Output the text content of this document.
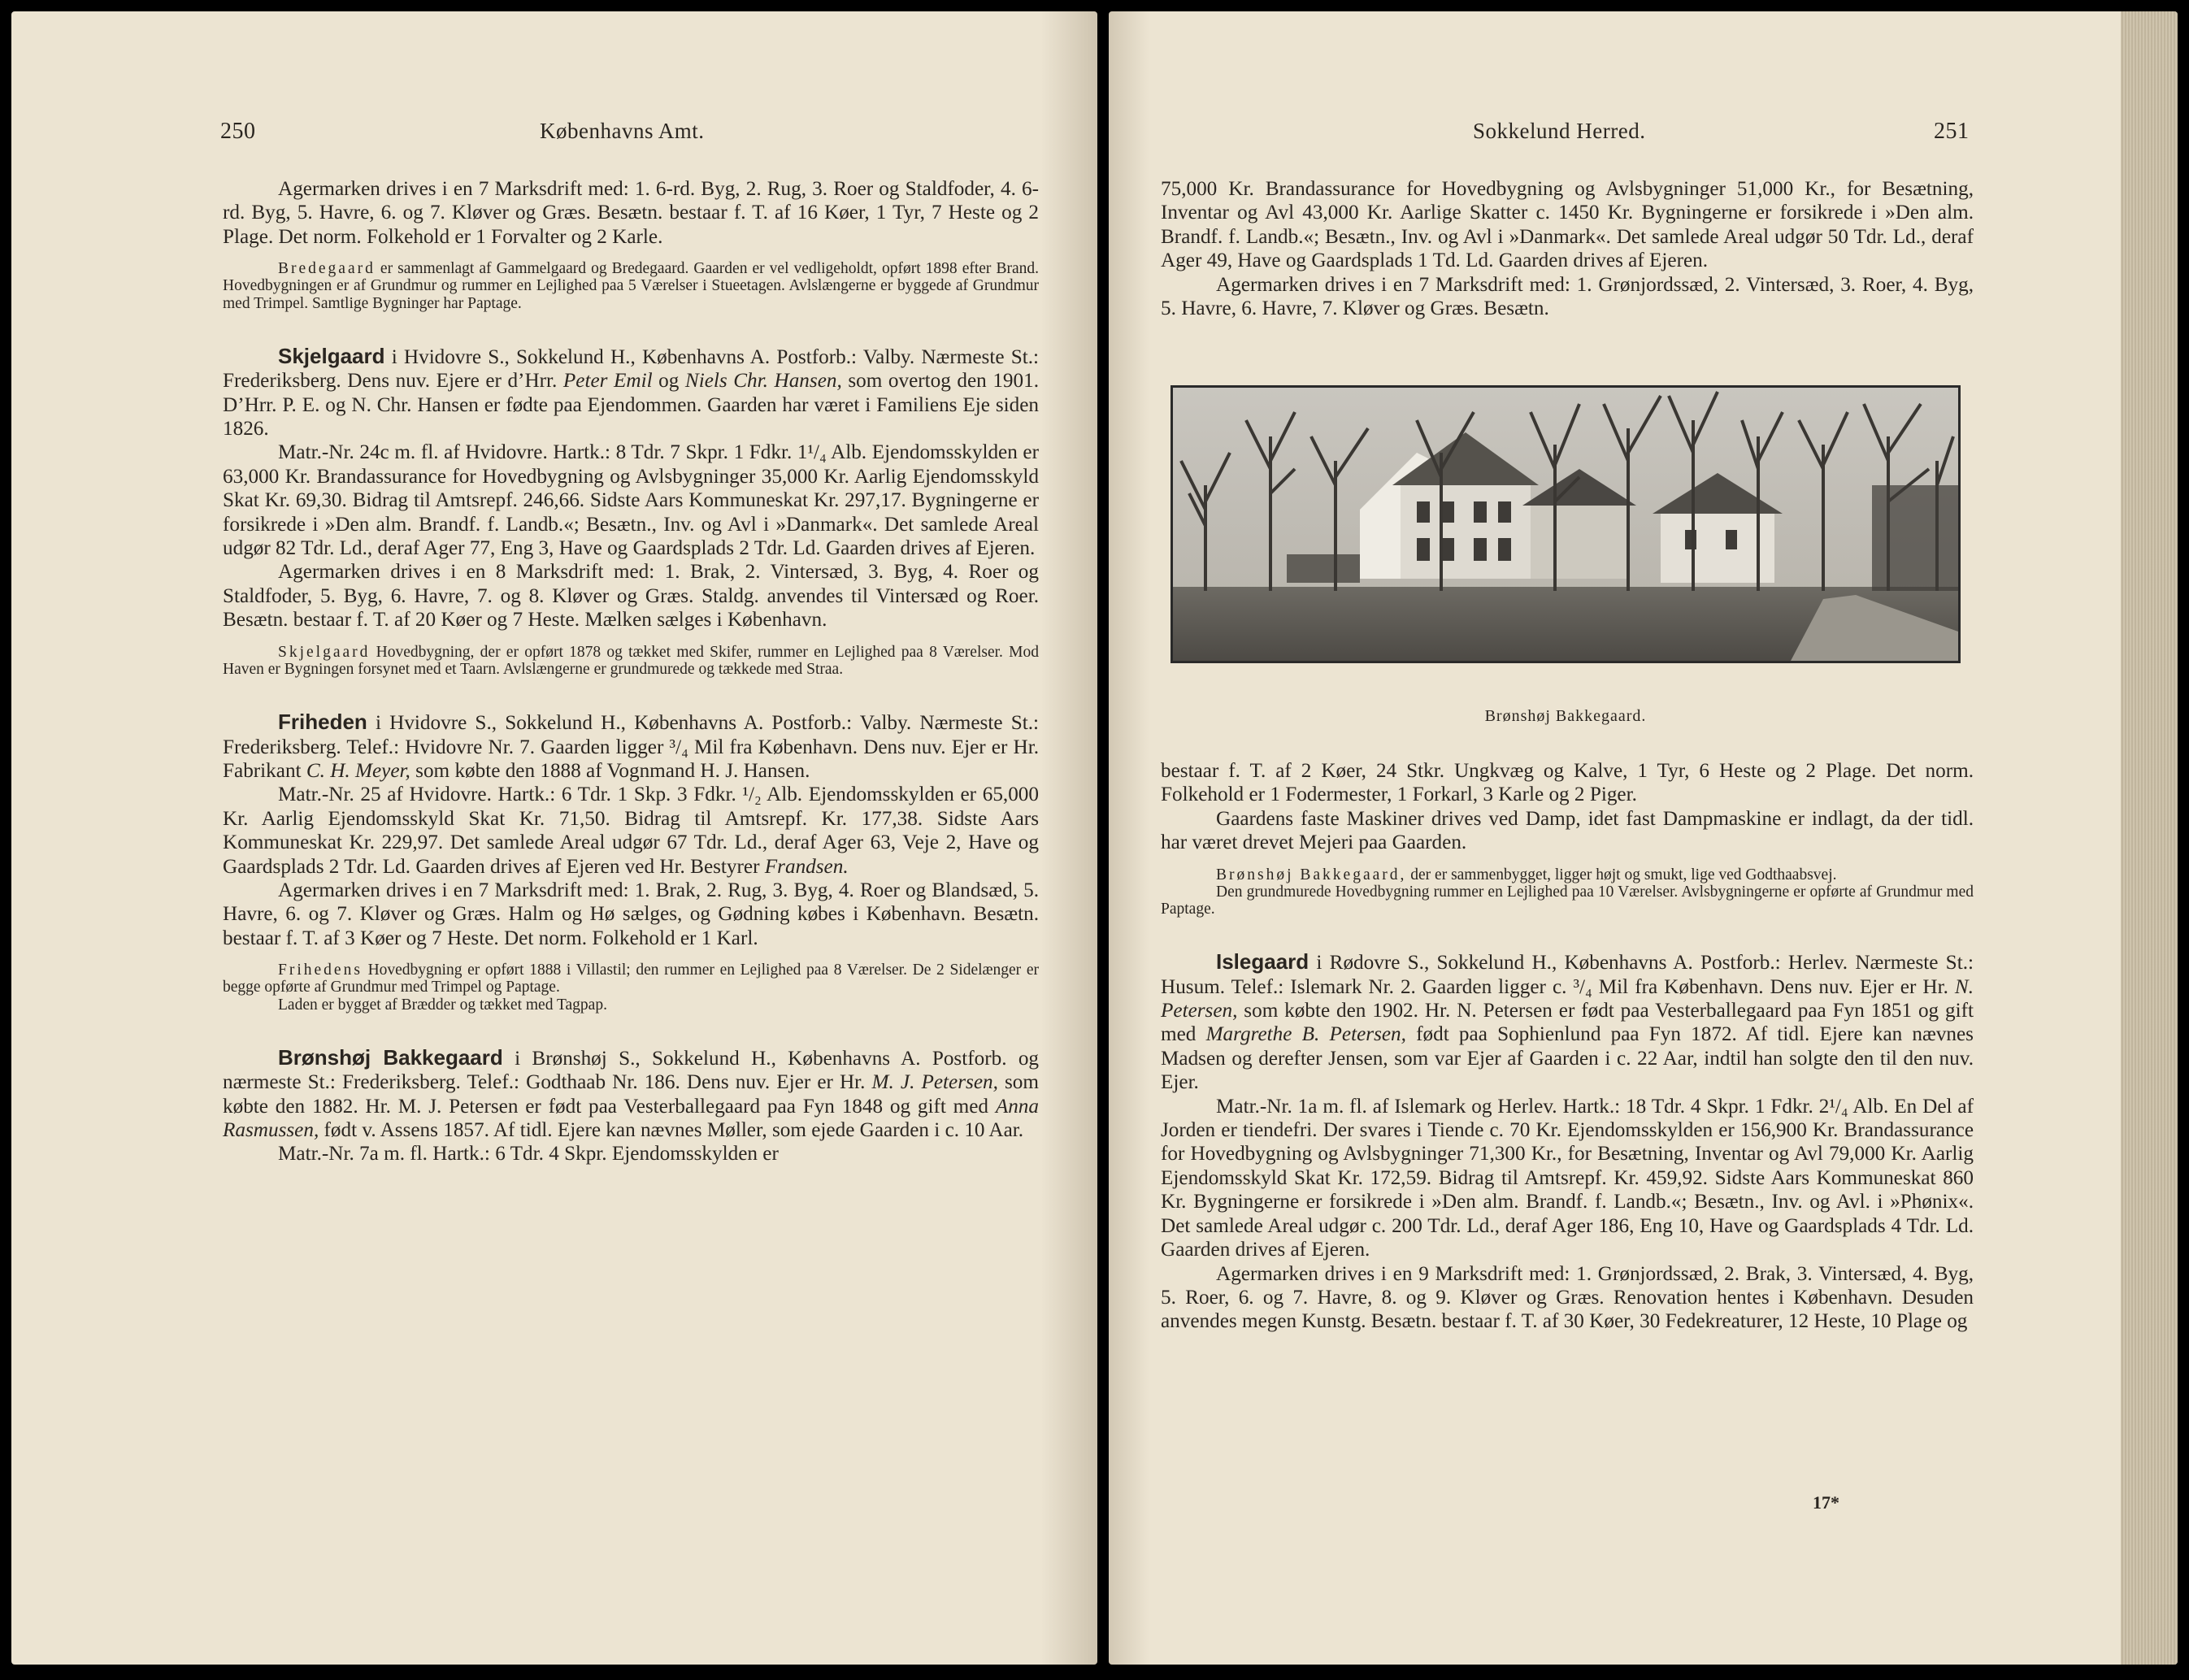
250	Københavns Amt.

Agermarken drives i en 7 Marksdrift med: 1. 6-rd. Byg, 2. Rug, 3. Roer og Staldfoder, 4. 6-rd. Byg, 5. Havre, 6. og 7. Kløver og Græs. Besætn. bestaar f. T. af 16 Køer, 1 Tyr, 7 Heste og 2 Plage. Det norm. Folkehold er 1 Forvalter og 2 Karle.

Bredegaard er sammenlagt af Gammelgaard og Bredegaard. Gaarden er vel vedligeholdt, opført 1898 efter Brand. Hovedbygningen er af Grundmur og rummer en Lejlighed paa 5 Værelser i Stueetagen. Avlslængerne er byggede af Grundmur med Trimpel. Samtlige Bygninger har Paptage.

Skjelgaard i Hvidovre S., Sokkelund H., Københavns A. Postforb.: Valby. Nærmeste St.: Frederiksberg. Dens nuv. Ejere er d’Hrr. Peter Emil og Niels Chr. Hansen, som overtog den 1901. D’Hrr. P. E. og N. Chr. Hansen er fødte paa Ejendommen. Gaarden har været i Familiens Eje siden 1826.

Matr.-Nr. 24c m. fl. af Hvidovre. Hartk.: 8 Tdr. 7 Skpr. 1 Fdkr. 1¹/₄ Alb. Ejendomsskylden er 63,000 Kr. Brandassurance for Hovedbygning og Avlsbygninger 35,000 Kr. Aarlig Ejendomsskyld Skat Kr. 69,30. Bidrag til Amtsrepf. 246,66. Sidste Aars Kommuneskat Kr. 297,17. Bygningerne er forsikrede i »Den alm. Brandf. f. Landb.«; Besætn., Inv. og Avl i »Danmark«. Det samlede Areal udgør 82 Tdr. Ld., deraf Ager 77, Eng 3, Have og Gaardsplads 2 Tdr. Ld. Gaarden drives af Ejeren.

Agermarken drives i en 8 Marksdrift med: 1. Brak, 2. Vintersæd, 3. Byg, 4. Roer og Staldfoder, 5. Byg, 6. Havre, 7. og 8. Kløver og Græs. Staldg. anvendes til Vintersæd og Roer. Besætn. bestaar f. T. af 20 Køer og 7 Heste. Mælken sælges i København.

Skjelgaard Hovedbygning, der er opført 1878 og tækket med Skifer, rummer en Lejlighed paa 8 Værelser. Mod Haven er Bygningen forsynet med et Taarn. Avlslængerne er grundmurede og tækkede med Straa.

Friheden i Hvidovre S., Sokkelund H., Københavns A. Postforb.: Valby. Nærmeste St.: Frederiksberg. Telef.: Hvidovre Nr. 7. Gaarden ligger ³/₄ Mil fra København. Dens nuv. Ejer er Hr. Fabrikant C. H. Meyer, som købte den 1888 af Vognmand H. J. Hansen.

Matr.-Nr. 25 af Hvidovre. Hartk.: 6 Tdr. 1 Skp. 3 Fdkr. ¹/₂ Alb. Ejendomsskylden er 65,000 Kr. Aarlig Ejendomsskyld Skat Kr. 71,50. Bidrag til Amtsrepf. Kr. 177,38. Sidste Aars Kommuneskat Kr. 229,97. Det samlede Areal udgør 67 Tdr. Ld., deraf Ager 63, Veje 2, Have og Gaardsplads 2 Tdr. Ld. Gaarden drives af Ejeren ved Hr. Bestyrer Frandsen.

Agermarken drives i en 7 Marksdrift med: 1. Brak, 2. Rug, 3. Byg, 4. Roer og Blandsæd, 5. Havre, 6. og 7. Kløver og Græs. Halm og Hø sælges, og Gødning købes i København. Besætn. bestaar f. T. af 3 Køer og 7 Heste. Det norm. Folkehold er 1 Karl.

Frihedens Hovedbygning er opført 1888 i Villastil; den rummer en Lejlighed paa 8 Værelser. De 2 Sidelænger er begge opførte af Grundmur med Trimpel og Paptage.

Laden er bygget af Brædder og tækket med Tagpap.

Brønshøj Bakkegaard i Brønshøj S., Sokkelund H., Københavns A. Postforb. og nærmeste St.: Frederiksberg. Telef.: Godthaab Nr. 186. Dens nuv. Ejer er Hr. M. J. Petersen, som købte den 1882. Hr. M. J. Petersen er født paa Vesterballegaard paa Fyn 1848 og gift med Anna Rasmussen, født v. Assens 1857. Af tidl. Ejere kan nævnes Møller, som ejede Gaarden i c. 10 Aar.

Matr.-Nr. 7a m. fl. Hartk.: 6 Tdr. 4 Skpr. Ejendomsskylden er

Sokkelund Herred.	251

75,000 Kr. Brandassurance for Hovedbygning og Avlsbygninger 51,000 Kr., for Besætning, Inventar og Avl 43,000 Kr. Aarlige Skatter c. 1450 Kr. Bygningerne er forsikrede i »Den alm. Brandf. f. Landb.«; Besætn., Inv. og Avl i »Danmark«. Det samlede Areal udgør 50 Tdr. Ld., deraf Ager 49, Have og Gaardsplads 1 Td. Ld. Gaarden drives af Ejeren.

Agermarken drives i en 7 Marksdrift med: 1. Grønjordssæd, 2. Vintersæd, 3. Roer, 4. Byg, 5. Havre, 6. Havre, 7. Kløver og Græs. Besætn.

Brønshøj Bakkegaard.

bestaar f. T. af 2 Køer, 24 Stkr. Ungkvæg og Kalve, 1 Tyr, 6 Heste og 2 Plage. Det norm. Folkehold er 1 Fodermester, 1 Forkarl, 3 Karle og 2 Piger.

Gaardens faste Maskiner drives ved Damp, idet fast Dampmaskine er indlagt, da der tidl. har været drevet Mejeri paa Gaarden.

Brønshøj Bakkegaard, der er sammenbygget, ligger højt og smukt, lige ved Godthaabsvej.

Den grundmurede Hovedbygning rummer en Lejlighed paa 10 Værelser. Avlsbygningerne er opførte af Grundmur med Paptage.

Islegaard i Rødovre S., Sokkelund H., Københavns A. Postforb.: Herlev. Nærmeste St.: Husum. Telef.: Islemark Nr. 2. Gaarden ligger c. ³/₄ Mil fra København. Dens nuv. Ejer er Hr. N. Petersen, som købte den 1902. Hr. N. Petersen er født paa Vesterballegaard paa Fyn 1851 og gift med Margrethe B. Petersen, født paa Sophienlund paa Fyn 1872. Af tidl. Ejere kan nævnes Madsen og derefter Jensen, som var Ejer af Gaarden i c. 22 Aar, indtil han solgte den til den nuv. Ejer.

Matr.-Nr. 1a m. fl. af Islemark og Herlev. Hartk.: 18 Tdr. 4 Skpr. 1 Fdkr. 2¹/₄ Alb. En Del af Jorden er tiendefri. Der svares i Tiende c. 70 Kr. Ejendomsskylden er 156,900 Kr. Brandassurance for Hovedbygning og Avlsbygninger 71,300 Kr., for Besætning, Inventar og Avl 79,000 Kr. Aarlig Ejendomsskyld Skat Kr. 172,59. Bidrag til Amtsrepf. Kr. 459,92. Sidste Aars Kommuneskat 860 Kr. Bygningerne er forsikrede i »Den alm. Brandf. f. Landb.«; Besætn., Inv. og Avl. i »Phønix«. Det samlede Areal udgør c. 200 Tdr. Ld., deraf Ager 186, Eng 10, Have og Gaardsplads 4 Tdr. Ld. Gaarden drives af Ejeren.

Agermarken drives i en 9 Marksdrift med: 1. Grønjordssæd, 2. Brak, 3. Vintersæd, 4. Byg, 5. Roer, 6. og 7. Havre, 8. og 9. Kløver og Græs. Renovation hentes i København. Desuden anvendes megen Kunstg. Besætn. bestaar f. T. af 30 Køer, 30 Fedekreaturer, 12 Heste, 10 Plage og

17*
